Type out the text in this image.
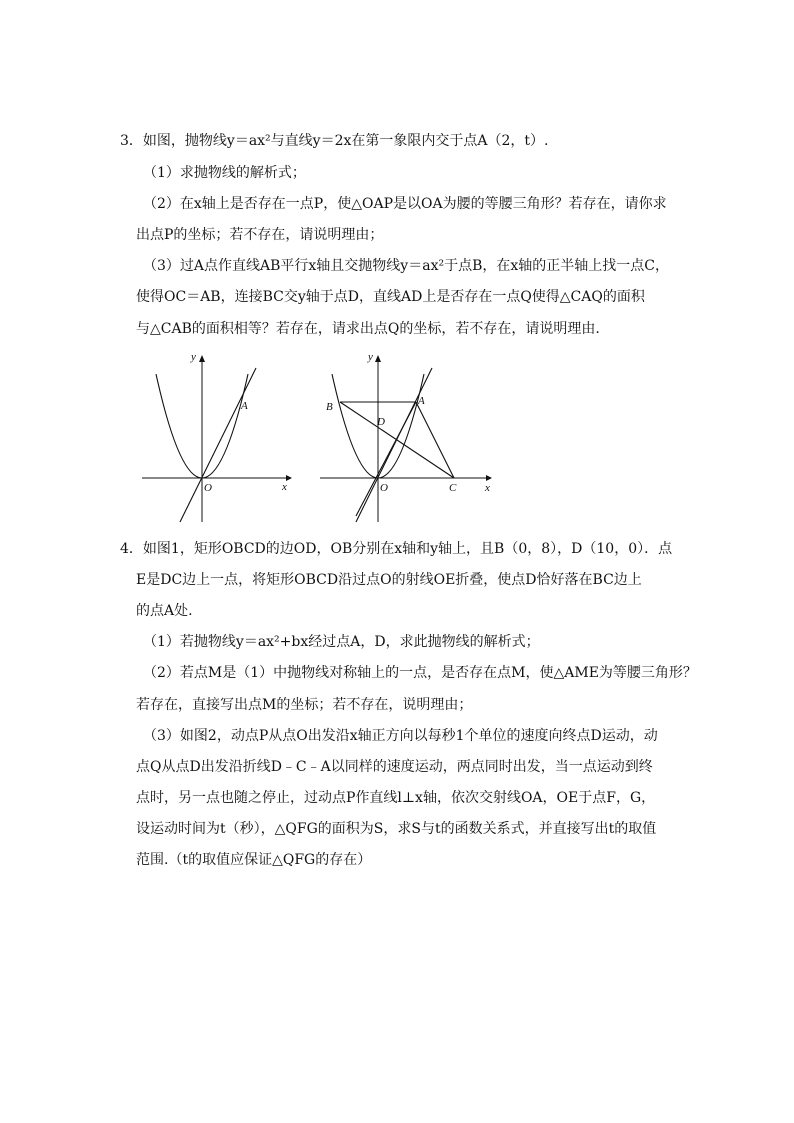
3．如图，抛物线y＝ax²与直线y＝2x在第一象限内交于点A（2，t）.
（1）求抛物线的解析式；
（2）在x轴上是否存在一点P，使△OAP是以OA为腰的等腰三角形？若存在，请你求
出点P的坐标；若不存在，请说明理由；
（3）过A点作直线AB平行x轴且交抛物线y＝ax²于点B，在x轴的正半轴上找一点C，
使得OC＝AB，连接BC交y轴于点D，直线AD上是否存在一点Q使得△CAQ的面积
与△CAB的面积相等？若存在，请求出点Q的坐标，若不存在，请说明理由.
y
x
O
A
y
x
O
A
B
C
D
4．如图1，矩形OBCD的边OD，OB分别在x轴和y轴上，且B（0，8），D（10，0）．点
E是DC边上一点，将矩形OBCD沿过点O的射线OE折叠，使点D恰好落在BC边上
的点A处.
（1）若抛物线y＝ax²+bx经过点A，D，求此抛物线的解析式；
（2）若点M是（1）中抛物线对称轴上的一点，是否存在点M，使△AME为等腰三角形？
若存在，直接写出点M的坐标；若不存在，说明理由；
（3）如图2，动点P从点O出发沿x轴正方向以每秒1个单位的速度向终点D运动，动
点Q从点D出发沿折线D﹣C﹣A以同样的速度运动，两点同时出发，当一点运动到终
点时，另一点也随之停止，过动点P作直线l⊥x轴，依次交射线OA，OE于点F，G，
设运动时间为t（秒），△QFG的面积为S，求S与t的函数关系式，并直接写出t的取值
范围.（t的取值应保证△QFG的存在）
